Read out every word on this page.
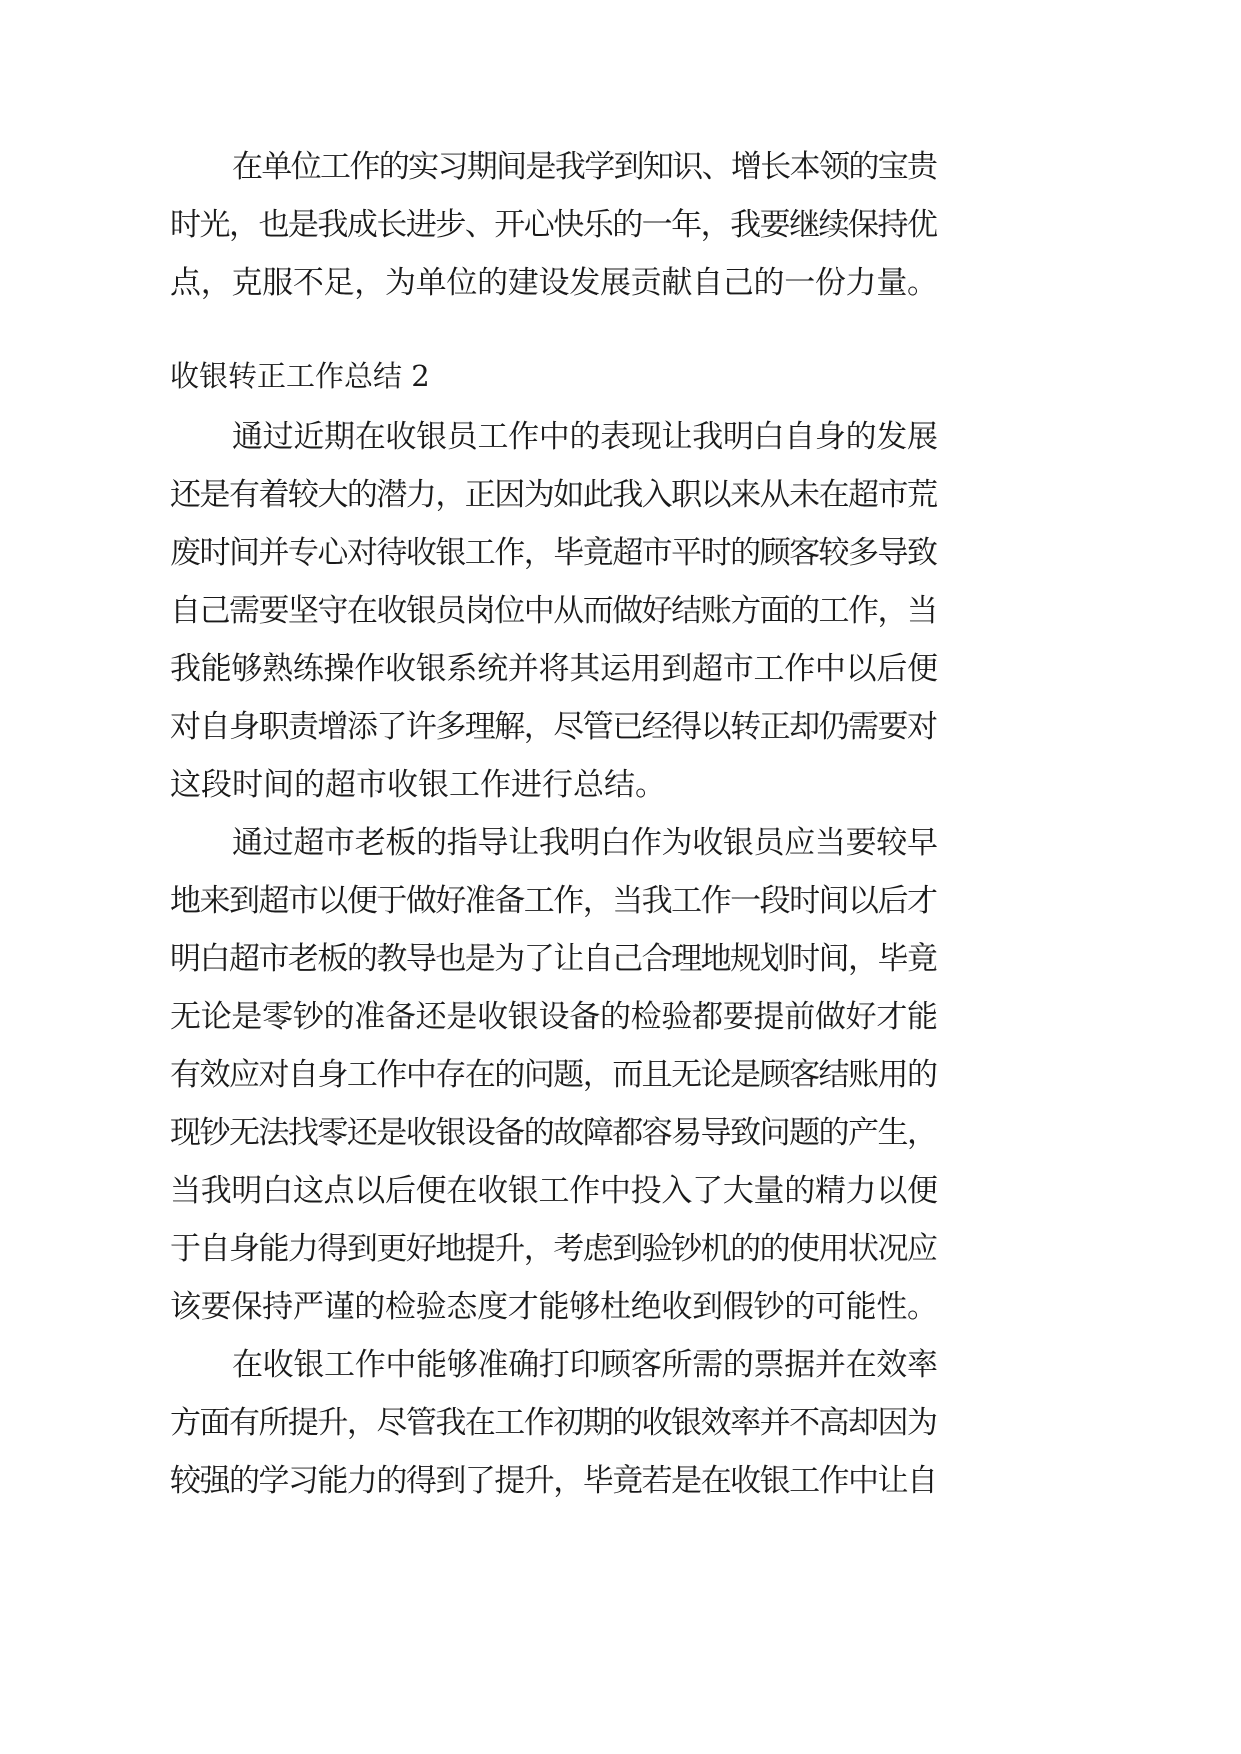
在单位工作的实习期间是我学到知识、增长本领的宝贵
时光，也是我成长进步、开心快乐的一年，我要继续保持优
点，克服不足，为单位的建设发展贡献自己的一份力量。
收银转正工作总结 2
通过近期在收银员工作中的表现让我明白自身的发展
还是有着较大的潜力，正因为如此我入职以来从未在超市荒
废时间并专心对待收银工作，毕竟超市平时的顾客较多导致
自己需要坚守在收银员岗位中从而做好结账方面的工作，当
我能够熟练操作收银系统并将其运用到超市工作中以后便
对自身职责增添了许多理解，尽管已经得以转正却仍需要对
这段时间的超市收银工作进行总结。
通过超市老板的指导让我明白作为收银员应当要较早
地来到超市以便于做好准备工作，当我工作一段时间以后才
明白超市老板的教导也是为了让自己合理地规划时间，毕竟
无论是零钞的准备还是收银设备的检验都要提前做好才能
有效应对自身工作中存在的问题，而且无论是顾客结账用的
现钞无法找零还是收银设备的故障都容易导致问题的产生，
当我明白这点以后便在收银工作中投入了大量的精力以便
于自身能力得到更好地提升，考虑到验钞机的的使用状况应
该要保持严谨的检验态度才能够杜绝收到假钞的可能性。
在收银工作中能够准确打印顾客所需的票据并在效率
方面有所提升，尽管我在工作初期的收银效率并不高却因为
较强的学习能力的得到了提升，毕竟若是在收银工作中让自
